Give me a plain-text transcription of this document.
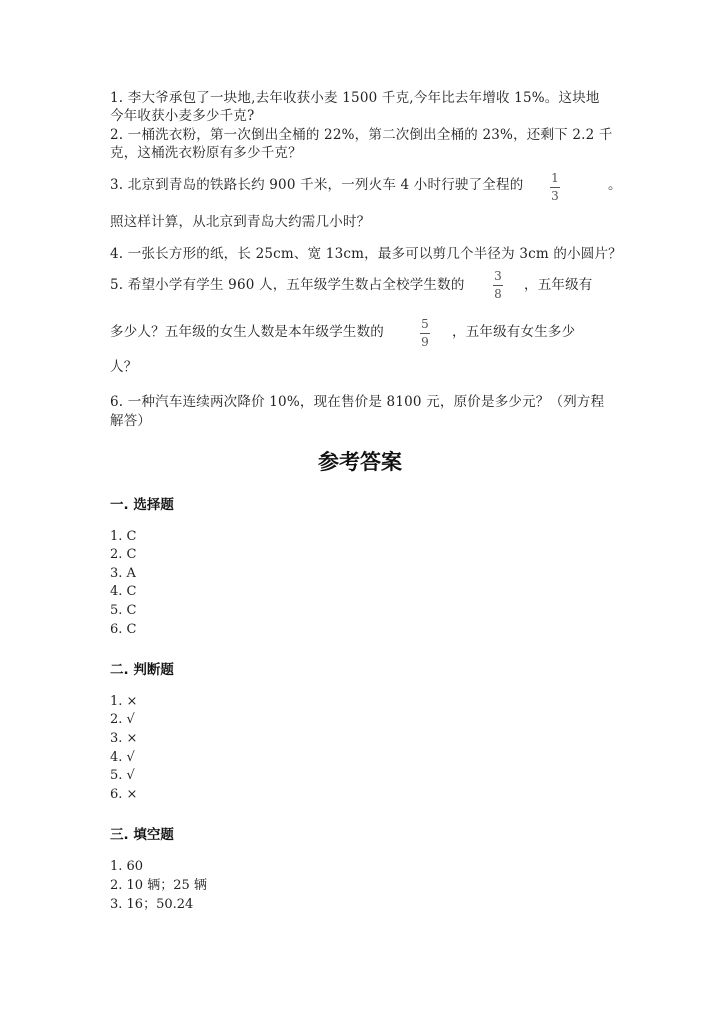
1. 李大爷承包了一块地,去年收获小麦 1500 千克,今年比去年增收 15%。这块地
今年收获小麦多少千克?
2. 一桶洗衣粉，第一次倒出全桶的 22%，第二次倒出全桶的 23%，还剩下 2.2 千
克，这桶洗衣粉原有多少千克？
3. 北京到青岛的铁路长约 900 千米，一列火车 4 小时行驶了全程的 1
3
。
照这样计算，从北京到青岛大约需几小时？
4. 一张长方形的纸，长 25cm、宽 13cm，最多可以剪几个半径为 3cm 的小圆片？
5. 希望小学有学生 960 人，五年级学生数占全校学生数的
3
8
，五年级有
多少人？五年级的女生人数是本年级学生数的	5
9
，五年级有女生多少
人？
6. 一种汽车连续两次降价 10%，现在售价是 8100 元，原价是多少元？（列方程
解答）
参考答案
一. 选择题
1. C
2. C
3. A
4. C
5. C
6. C
二. 判断题
1. ×
2. √
3. ×
4. √
5. √
6. ×
三. 填空题
1. 60
2. 10 辆；25 辆
3. 16；50.24
